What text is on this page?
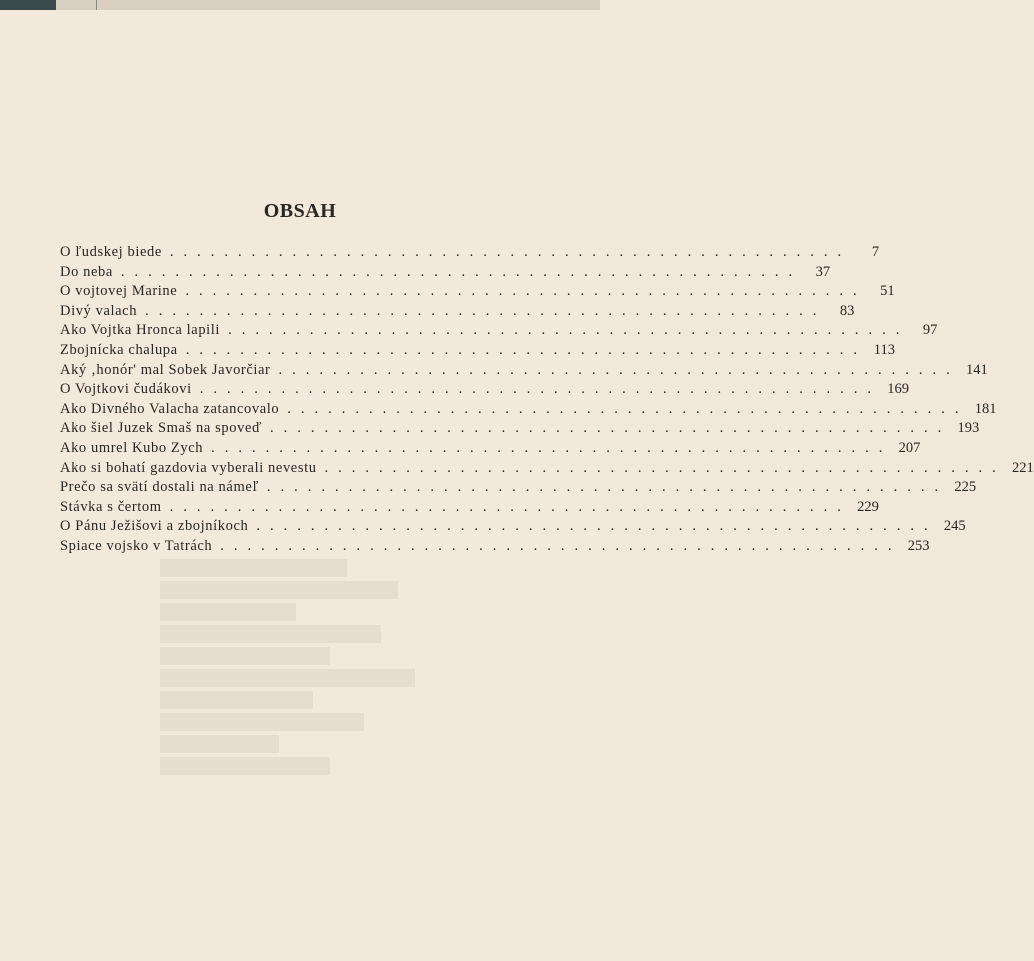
OBSAH
O ľudskej biede ..................................................	7
Do neba .................................................. 37
O vojtovej Marine .................................................. 51
Divý valach .................................................. 83
Ako Vojtka Hronca lapili .................................................. 97
Zbojnícka chalupa .................................................. 113
Aký ‚honór' mal Sobek Javorčiar .................................................. 141
O Vojtkovi čudákovi .................................................. 169
Ako Divného Valacha zatancovalo .................................................. 181
Ako šiel Juzek Smaš na spoveď .................................................. 193
Ako umrel Kubo Zych .................................................. 207
Ako si bohatí gazdovia vyberali nevestu .................................................. 221
Prečo sa svätí dostali na námeľ .................................................. 225
Stávka s čertom .................................................. 229
O Pánu Ježišovi a zbojníkoch .................................................. 245
Spiace vojsko v Tatrách .................................................. 253
